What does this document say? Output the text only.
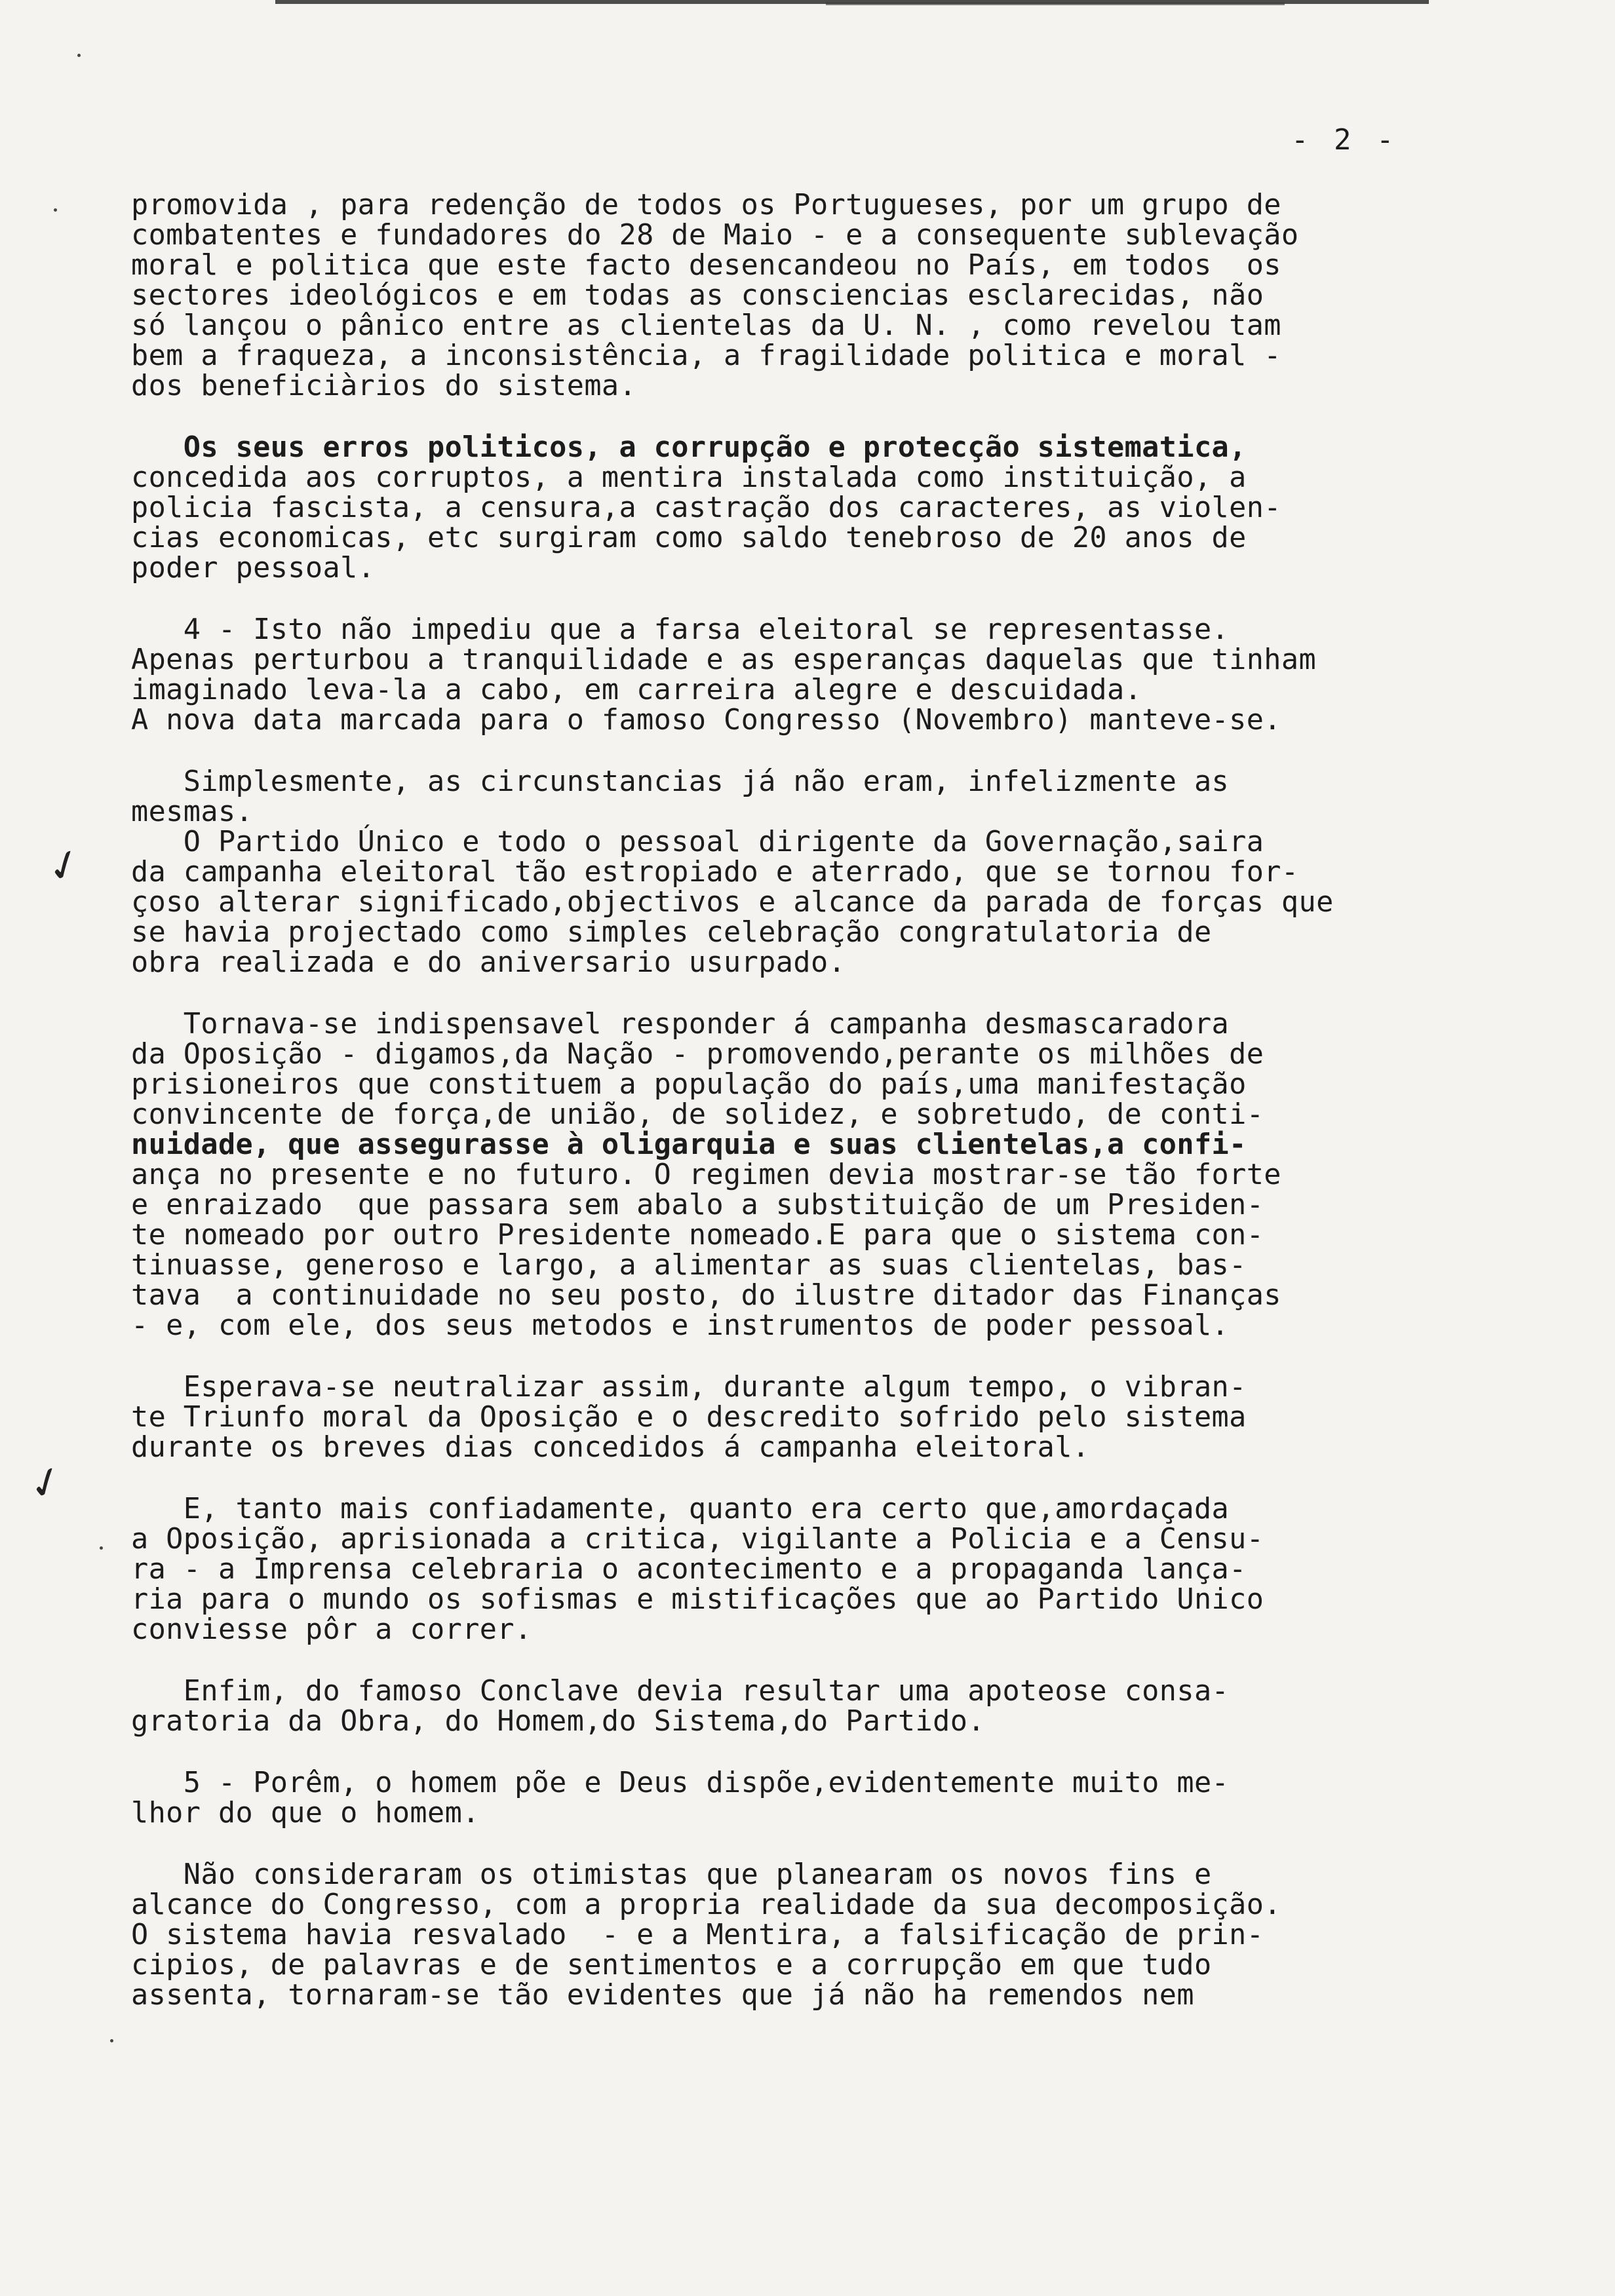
✓
✓
- 2 -
promovida , para redenção de todos os Portugueses, por um grupo de
combatentes e fundadores do 28 de Maio - e a consequente sublevação
moral e politica que este facto desencandeou no País, em todos  os
sectores ideológicos e em todas as consciencias esclarecidas, não
só lançou o pânico entre as clientelas da U. N. , como revelou tam
bem a fraqueza, a inconsistência, a fragilidade politica e moral -
dos beneficiàrios do sistema.
Os seus erros politicos, a corrupção e protecção sistematica,
concedida aos corruptos, a mentira instalada como instituição, a
policia fascista, a censura,a castração dos caracteres, as violen-
cias economicas, etc surgiram como saldo tenebroso de 20 anos de
poder pessoal.
4 - Isto não impediu que a farsa eleitoral se representasse.
Apenas perturbou a tranquilidade e as esperanças daquelas que tinham
imaginado leva-la a cabo, em carreira alegre e descuidada.
A nova data marcada para o famoso Congresso (Novembro) manteve-se.
Simplesmente, as circunstancias já não eram, infelizmente as
mesmas.
O Partido Único e todo o pessoal dirigente da Governação,saira
da campanha eleitoral tão estropiado e aterrado, que se tornou for-
çoso alterar significado,objectivos e alcance da parada de forças que
se havia projectado como simples celebração congratulatoria de
obra realizada e do aniversario usurpado.
Tornava-se indispensavel responder á campanha desmascaradora
da Oposição - digamos,da Nação - promovendo,perante os milhões de
prisioneiros que constituem a população do país,uma manifestação
convincente de força,de união, de solidez, e sobretudo, de conti-
nuidade, que assegurasse à oligarquia e suas clientelas,a confi-
ança no presente e no futuro. O regimen devia mostrar-se tão forte
e enraizado  que passara sem abalo a substituição de um Presiden-
te nomeado por outro Presidente nomeado.E para que o sistema con-
tinuasse, generoso e largo, a alimentar as suas clientelas, bas-
tava  a continuidade no seu posto, do ilustre ditador das Finanças
- e, com ele, dos seus metodos e instrumentos de poder pessoal.
Esperava-se neutralizar assim, durante algum tempo, o vibran-
te Triunfo moral da Oposição e o descredito sofrido pelo sistema
durante os breves dias concedidos á campanha eleitoral.
E, tanto mais confiadamente, quanto era certo que,amordaçada
a Oposição, aprisionada a critica, vigilante a Policia e a Censu-
ra - a Imprensa celebraria o acontecimento e a propaganda lança-
ria para o mundo os sofismas e mistificações que ao Partido Unico
conviesse pôr a correr.
Enfim, do famoso Conclave devia resultar uma apoteose consa-
gratoria da Obra, do Homem,do Sistema,do Partido.
5 - Porêm, o homem põe e Deus dispõe,evidentemente muito me-
lhor do que o homem.
Não consideraram os otimistas que planearam os novos fins e
alcance do Congresso, com a propria realidade da sua decomposição.
O sistema havia resvalado  - e a Mentira, a falsificação de prin-
cipios, de palavras e de sentimentos e a corrupção em que tudo
assenta, tornaram-se tão evidentes que já não ha remendos nem
